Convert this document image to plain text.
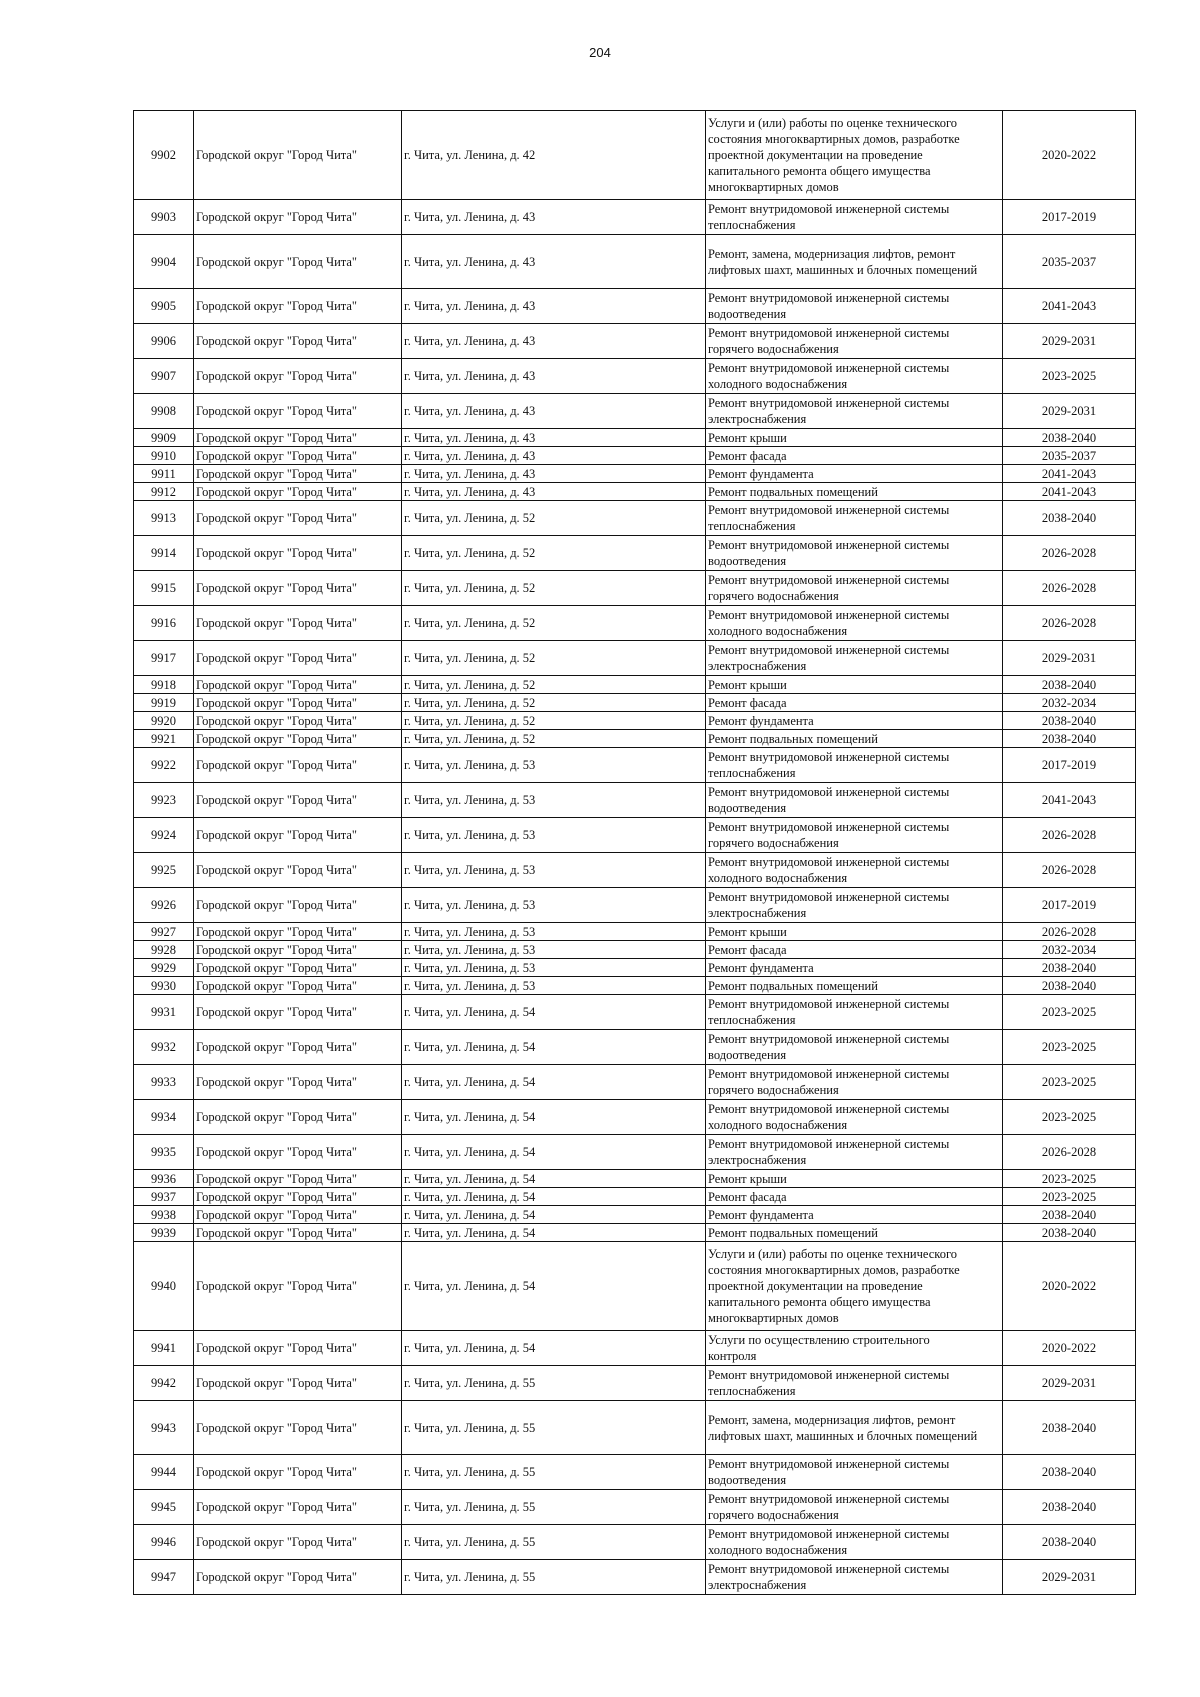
204
9902	Городской округ "Город Чита"	г. Чита, ул. Ленина, д. 42	Услуги и (или) работы по оценке технического
состояния многоквартирных домов, разработке
проектной документации на проведение
капитального ремонта общего имущества
многоквартирных домов	2020-2022
9903	Городской округ "Город Чита"	г. Чита, ул. Ленина, д. 43	Ремонт внутридомовой инженерной системы
теплоснабжения	2017-2019
9904	Городской округ "Город Чита"	г. Чита, ул. Ленина, д. 43	Ремонт, замена, модернизация лифтов, ремонт
лифтовых шахт, машинных и блочных помещений	2035-2037
9905	Городской округ "Город Чита"	г. Чита, ул. Ленина, д. 43	Ремонт внутридомовой инженерной системы
водоотведения	2041-2043
9906	Городской округ "Город Чита"	г. Чита, ул. Ленина, д. 43	Ремонт внутридомовой инженерной системы
горячего водоснабжения	2029-2031
9907	Городской округ "Город Чита"	г. Чита, ул. Ленина, д. 43	Ремонт внутридомовой инженерной системы
холодного водоснабжения	2023-2025
9908	Городской округ "Город Чита"	г. Чита, ул. Ленина, д. 43	Ремонт внутридомовой инженерной системы
электроснабжения	2029-2031
9909	Городской округ "Город Чита"	г. Чита, ул. Ленина, д. 43	Ремонт крыши	2038-2040
9910	Городской округ "Город Чита"	г. Чита, ул. Ленина, д. 43	Ремонт фасада	2035-2037
9911	Городской округ "Город Чита"	г. Чита, ул. Ленина, д. 43	Ремонт фундамента	2041-2043
9912	Городской округ "Город Чита"	г. Чита, ул. Ленина, д. 43	Ремонт подвальных помещений	2041-2043
9913	Городской округ "Город Чита"	г. Чита, ул. Ленина, д. 52	Ремонт внутридомовой инженерной системы
теплоснабжения	2038-2040
9914	Городской округ "Город Чита"	г. Чита, ул. Ленина, д. 52	Ремонт внутридомовой инженерной системы
водоотведения	2026-2028
9915	Городской округ "Город Чита"	г. Чита, ул. Ленина, д. 52	Ремонт внутридомовой инженерной системы
горячего водоснабжения	2026-2028
9916	Городской округ "Город Чита"	г. Чита, ул. Ленина, д. 52	Ремонт внутридомовой инженерной системы
холодного водоснабжения	2026-2028
9917	Городской округ "Город Чита"	г. Чита, ул. Ленина, д. 52	Ремонт внутридомовой инженерной системы
электроснабжения	2029-2031
9918	Городской округ "Город Чита"	г. Чита, ул. Ленина, д. 52	Ремонт крыши	2038-2040
9919	Городской округ "Город Чита"	г. Чита, ул. Ленина, д. 52	Ремонт фасада	2032-2034
9920	Городской округ "Город Чита"	г. Чита, ул. Ленина, д. 52	Ремонт фундамента	2038-2040
9921	Городской округ "Город Чита"	г. Чита, ул. Ленина, д. 52	Ремонт подвальных помещений	2038-2040
9922	Городской округ "Город Чита"	г. Чита, ул. Ленина, д. 53	Ремонт внутридомовой инженерной системы
теплоснабжения	2017-2019
9923	Городской округ "Город Чита"	г. Чита, ул. Ленина, д. 53	Ремонт внутридомовой инженерной системы
водоотведения	2041-2043
9924	Городской округ "Город Чита"	г. Чита, ул. Ленина, д. 53	Ремонт внутридомовой инженерной системы
горячего водоснабжения	2026-2028
9925	Городской округ "Город Чита"	г. Чита, ул. Ленина, д. 53	Ремонт внутридомовой инженерной системы
холодного водоснабжения	2026-2028
9926	Городской округ "Город Чита"	г. Чита, ул. Ленина, д. 53	Ремонт внутридомовой инженерной системы
электроснабжения	2017-2019
9927	Городской округ "Город Чита"	г. Чита, ул. Ленина, д. 53	Ремонт крыши	2026-2028
9928	Городской округ "Город Чита"	г. Чита, ул. Ленина, д. 53	Ремонт фасада	2032-2034
9929	Городской округ "Город Чита"	г. Чита, ул. Ленина, д. 53	Ремонт фундамента	2038-2040
9930	Городской округ "Город Чита"	г. Чита, ул. Ленина, д. 53	Ремонт подвальных помещений	2038-2040
9931	Городской округ "Город Чита"	г. Чита, ул. Ленина, д. 54	Ремонт внутридомовой инженерной системы
теплоснабжения	2023-2025
9932	Городской округ "Город Чита"	г. Чита, ул. Ленина, д. 54	Ремонт внутридомовой инженерной системы
водоотведения	2023-2025
9933	Городской округ "Город Чита"	г. Чита, ул. Ленина, д. 54	Ремонт внутридомовой инженерной системы
горячего водоснабжения	2023-2025
9934	Городской округ "Город Чита"	г. Чита, ул. Ленина, д. 54	Ремонт внутридомовой инженерной системы
холодного водоснабжения	2023-2025
9935	Городской округ "Город Чита"	г. Чита, ул. Ленина, д. 54	Ремонт внутридомовой инженерной системы
электроснабжения	2026-2028
9936	Городской округ "Город Чита"	г. Чита, ул. Ленина, д. 54	Ремонт крыши	2023-2025
9937	Городской округ "Город Чита"	г. Чита, ул. Ленина, д. 54	Ремонт фасада	2023-2025
9938	Городской округ "Город Чита"	г. Чита, ул. Ленина, д. 54	Ремонт фундамента	2038-2040
9939	Городской округ "Город Чита"	г. Чита, ул. Ленина, д. 54	Ремонт подвальных помещений	2038-2040
9940	Городской округ "Город Чита"	г. Чита, ул. Ленина, д. 54	Услуги и (или) работы по оценке технического
состояния многоквартирных домов, разработке
проектной документации на проведение
капитального ремонта общего имущества
многоквартирных домов	2020-2022
9941	Городской округ "Город Чита"	г. Чита, ул. Ленина, д. 54	Услуги по осуществлению строительного
контроля	2020-2022
9942	Городской округ "Город Чита"	г. Чита, ул. Ленина, д. 55	Ремонт внутридомовой инженерной системы
теплоснабжения	2029-2031
9943	Городской округ "Город Чита"	г. Чита, ул. Ленина, д. 55	Ремонт, замена, модернизация лифтов, ремонт
лифтовых шахт, машинных и блочных помещений	2038-2040
9944	Городской округ "Город Чита"	г. Чита, ул. Ленина, д. 55	Ремонт внутридомовой инженерной системы
водоотведения	2038-2040
9945	Городской округ "Город Чита"	г. Чита, ул. Ленина, д. 55	Ремонт внутридомовой инженерной системы
горячего водоснабжения	2038-2040
9946	Городской округ "Город Чита"	г. Чита, ул. Ленина, д. 55	Ремонт внутридомовой инженерной системы
холодного водоснабжения	2038-2040
9947	Городской округ "Город Чита"	г. Чита, ул. Ленина, д. 55	Ремонт внутридомовой инженерной системы
электроснабжения	2029-2031
